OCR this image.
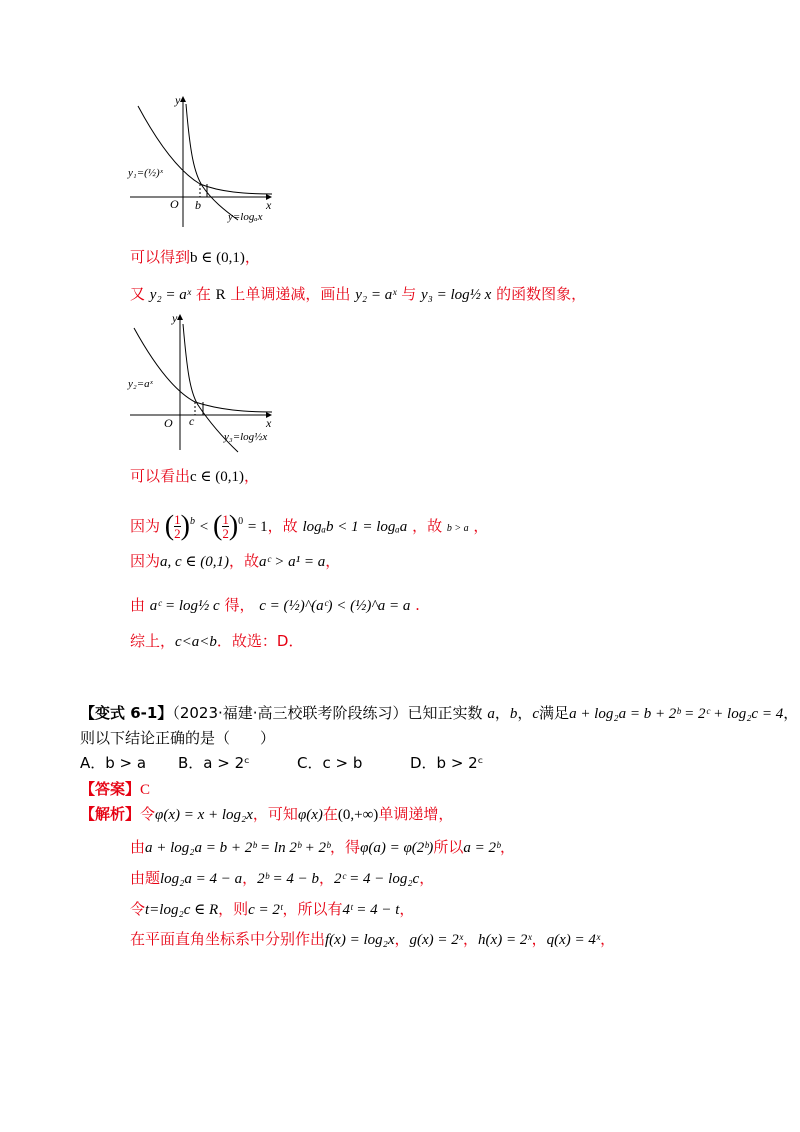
y
x
O b
y₁=(½)ˣ
y=logₐx
可以得到b ∈ (0,1)，
又 y₂ = aˣ 在 R 上单调递减，画出 y₂ = aˣ 与 y₃ = log½ x 的函数图象，
y
x
O c
y₂=aˣ
y₃=log½x
可以看出c ∈ (0,1)，
因为 ( $\frac{1}{2} )^b$ < ( $\frac{1}{2} )^0 = 1$，故 logₐb < 1 = logₐa ，故 b > a ，
因为a, c ∈ (0,1)，故aᶜ > a¹ = a，
由 aᶜ = log½ c 得， c = (½)^(aᶜ) < (½)^a = a .
综上，c<a<b．故选：D．
【变式 6-1】（2023·福建·高三校联考阶段练习）已知正实数 a，b，c满足a + log₂a = b + 2ᵇ = 2ᶜ + log₂c = 4，
则以下结论正确的是（　　）
A．b > a B．a > 2ᶜ	C．c > b	D．b > 2ᶜ
【答案】C
【解析】令φ(x) = x + log₂x，可知φ(x)在(0,+∞)单调递增，
由a + log₂a = b + 2ᵇ = ln 2ᵇ + 2ᵇ，得φ(a) = φ(2ᵇ)所以a = 2ᵇ，
由题log₂a = 4 − a，2ᵇ = 4 − b，2ᶜ = 4 − log₂c，
令t=log₂c ∈ R，则c = 2ᵗ，所以有4ᵗ = 4 − t，
在平面直角坐标系中分别作出f(x) = log₂x，g(x) = 2ˣ，h(x) = 2ˣ，q(x) = 4ˣ，
